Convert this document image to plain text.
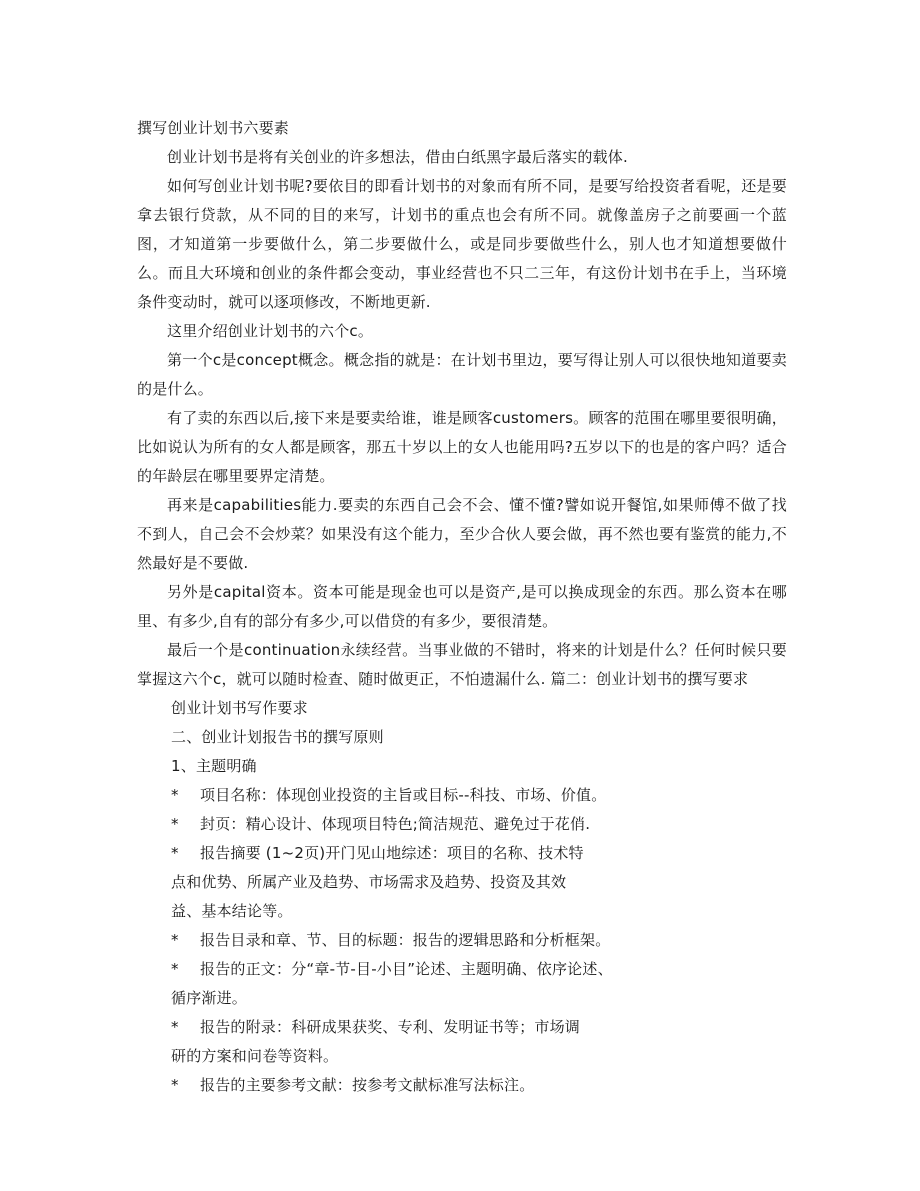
撰写创业计划书六要素

创业计划书是将有关创业的许多想法，借由白纸黑字最后落实的载体.

如何写创业计划书呢?要依目的即看计划书的对象而有所不同，是要写给投资者看呢，还是要拿去银行贷款，从不同的目的来写，计划书的重点也会有所不同。就像盖房子之前要画一个蓝图，才知道第一步要做什么，第二步要做什么，或是同步要做些什么，别人也才知道想要做什么。而且大环境和创业的条件都会变动，事业经营也不只二三年，有这份计划书在手上，当环境条件变动时，就可以逐项修改，不断地更新.

这里介绍创业计划书的六个c。

第一个c是concept概念。概念指的就是：在计划书里边，要写得让别人可以很快地知道要卖的是什么。

有了卖的东西以后,接下来是要卖给谁，谁是顾客customers。顾客的范围在哪里要很明确，比如说认为所有的女人都是顾客，那五十岁以上的女人也能用吗?五岁以下的也是的客户吗？适合的年龄层在哪里要界定清楚。

再来是capabilities能力.要卖的东西自己会不会、懂不懂?譬如说开餐馆,如果师傅不做了找不到人，自己会不会炒菜？如果没有这个能力，至少合伙人要会做，再不然也要有鉴赏的能力,不然最好是不要做.

另外是capital资本。资本可能是现金也可以是资产,是可以换成现金的东西。那么资本在哪里、有多少,自有的部分有多少,可以借贷的有多少，要很清楚。

最后一个是continuation永续经营。当事业做的不错时，将来的计划是什么？任何时候只要掌握这六个c，就可以随时检查、随时做更正，不怕遗漏什么. 篇二：创业计划书的撰写要求

创业计划书写作要求

二、创业计划报告书的撰写原则

1、主题明确

* 项目名称：体现创业投资的主旨或目标--科技、市场、价值。

* 封页：精心设计、体现项目特色;简洁规范、避免过于花俏.

* 报告摘要 (1~2页)开门见山地综述：项目的名称、技术特

点和优势、所属产业及趋势、市场需求及趋势、投资及其效

益、基本结论等。

* 报告目录和章、节、目的标题：报告的逻辑思路和分析框架。

* 报告的正文：分“章-节-目-小目”论述、主题明确、依序论述、

循序渐进。

* 报告的附录：科研成果获奖、专利、发明证书等；市场调

研的方案和问卷等资料。

* 报告的主要参考文献：按参考文献标准写法标注。
